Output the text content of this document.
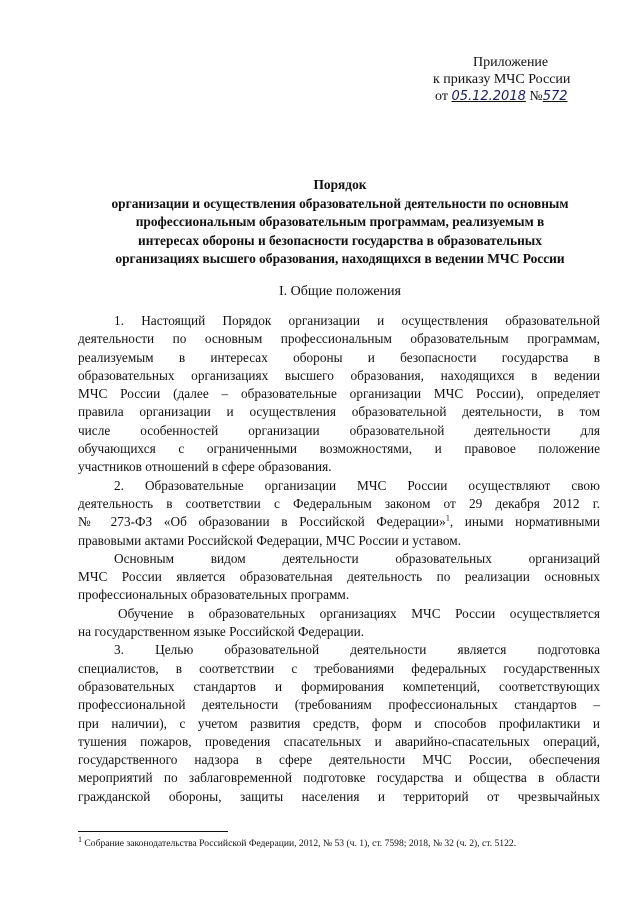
Приложение
к приказу МЧС России
от 05.12.2018 №572
Порядок
организации и осуществления образовательной деятельности по основным
профессиональным образовательным программам, реализуемым в
интересах обороны и безопасности государства в образовательных
организациях высшего образования, находящихся в ведении МЧС России
I. Общие положения

1. Настоящий Порядок организации и осуществления образовательной

деятельности по основным профессиональным образовательным программам,

реализуемым в интересах обороны и безопасности государства в

образовательных организациях высшего образования, находящихся в ведении

МЧС России (далее – образовательные организации МЧС России), определяет

правила организации и осуществления образовательной деятельности, в том

числе особенностей организации образовательной деятельности для

обучающихся с ограниченными возможностями, и правовое положение

участников отношений в сфере образования.

2. Образовательные организации МЧС России осуществляют свою

деятельность в соответствии с Федеральным законом от 29 декабря 2012 г.

№ 273-ФЗ «Об образовании в Российской Федерации»$^1$, иными нормативными

правовыми актами Российской Федерации, МЧС России и уставом.

Основным видом деятельности образовательных организаций

МЧС России является образовательная деятельность по реализации основных

профессиональных образовательных программ.

Обучение в образовательных организациях МЧС России осуществляется

на государственном языке Российской Федерации.

3. Целью образовательной деятельности является подготовка

специалистов, в соответствии с требованиями федеральных государственных

образовательных стандартов и формирования компетенций, соответствующих

профессиональной деятельности (требованиям профессиональных стандартов –

при наличии), с учетом развития средств, форм и способов профилактики и

тушения пожаров, проведения спасательных и аварийно-спасательных операций,

государственного надзора в сфере деятельности МЧС России, обеспечения

мероприятий по заблаговременной подготовке государства и общества в области

гражданской обороны, защиты населения и территорий от чрезвычайных

$^1$ Собрание законодательства Российской Федерации, 2012, № 53 (ч. 1), ст. 7598; 2018, № 32 (ч. 2), ст. 5122.
